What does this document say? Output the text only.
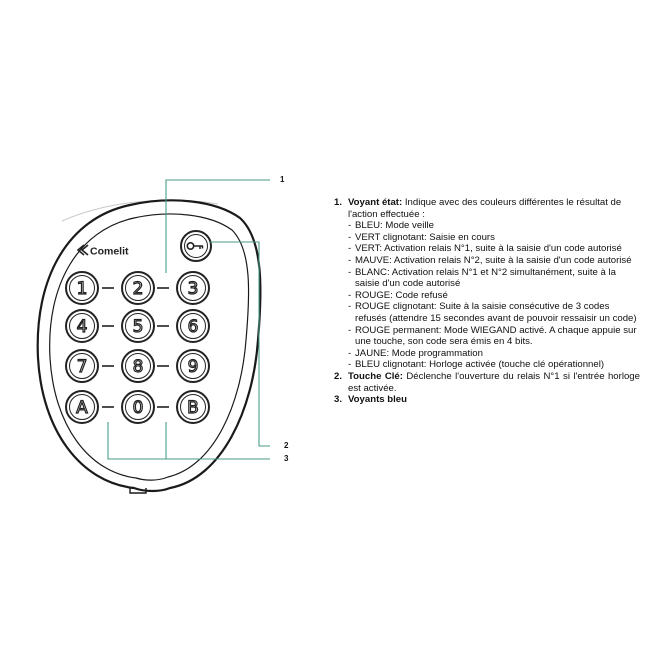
Comelit
1	2	3
4	5	6
7	8	9
A	0	B
1
2
3
1. Voyant état: Indique avec des couleurs différentes le résultat de l'action effectuée :
- BLEU: Mode veille
- VERT clignotant: Saisie en cours
- VERT: Activation relais N°1, suite à la saisie d'un code autorisé
- MAUVE: Activation relais N°2, suite à la saisie d'un code autorisé
- BLANC: Activation relais N°1 et N°2 simultanément, suite à la saisie d'un code autorisé
- ROUGE: Code refusé
- ROUGE clignotant: Suite à la saisie consécutive de 3 codes refusés (attendre 15 secondes avant de pouvoir ressaisir un code)
- ROUGE permanent: Mode WIEGAND activé. A chaque appuie sur une touche, son code sera émis en 4 bits.
- JAUNE: Mode programmation
- BLEU clignotant: Horloge activée (touche clé opérationnel)
2. Touche Clé: Déclenche l'ouverture du relais N°1 si l'entrée horloge est activée.
3. Voyants bleu
